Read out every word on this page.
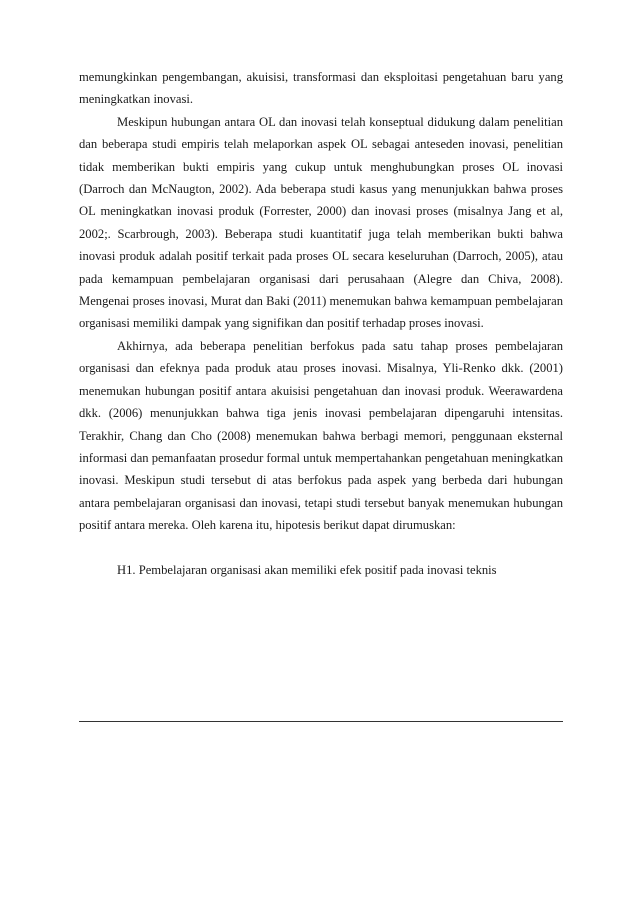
memungkinkan pengembangan, akuisisi, transformasi dan eksploitasi pengetahuan baru yang meningkatkan inovasi.

Meskipun hubungan antara OL dan inovasi telah konseptual didukung dalam penelitian dan beberapa studi empiris telah melaporkan aspek OL sebagai anteseden inovasi, penelitian tidak memberikan bukti empiris yang cukup untuk menghubungkan proses OL inovasi (Darroch dan McNaugton, 2002). Ada beberapa studi kasus yang menunjukkan bahwa proses OL meningkatkan inovasi produk (Forrester, 2000) dan inovasi proses (misalnya Jang et al, 2002;. Scarbrough, 2003). Beberapa studi kuantitatif juga telah memberikan bukti bahwa inovasi produk adalah positif terkait pada proses OL secara keseluruhan (Darroch, 2005), atau pada kemampuan pembelajaran organisasi dari perusahaan (Alegre dan Chiva, 2008). Mengenai proses inovasi, Murat dan Baki (2011) menemukan bahwa kemampuan pembelajaran organisasi memiliki dampak yang signifikan dan positif terhadap proses inovasi.

Akhirnya, ada beberapa penelitian berfokus pada satu tahap proses pembelajaran organisasi dan efeknya pada produk atau proses inovasi. Misalnya, Yli-Renko dkk. (2001) menemukan hubungan positif antara akuisisi pengetahuan dan inovasi produk. Weerawardena dkk. (2006) menunjukkan bahwa tiga jenis inovasi pembelajaran dipengaruhi intensitas. Terakhir, Chang dan Cho (2008) menemukan bahwa berbagi memori, penggunaan eksternal informasi dan pemanfaatan prosedur formal untuk mempertahankan pengetahuan meningkatkan inovasi. Meskipun studi tersebut di atas berfokus pada aspek yang berbeda dari hubungan antara pembelajaran organisasi dan inovasi, tetapi studi tersebut banyak menemukan hubungan positif antara mereka. Oleh karena itu, hipotesis berikut dapat dirumuskan:

H1. Pembelajaran organisasi akan memiliki efek positif pada inovasi teknis
